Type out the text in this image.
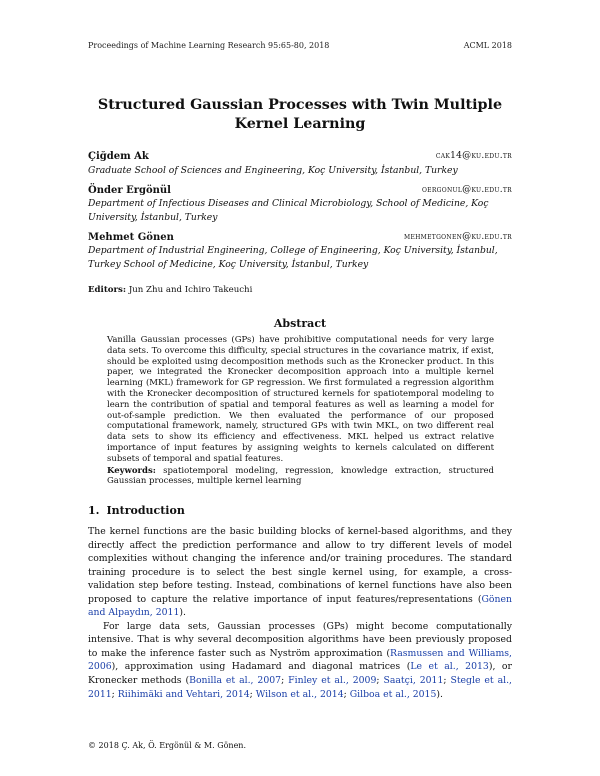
Proceedings of Machine Learning Research 95:65-80, 2018	ACML 2018
Structured Gaussian Processes with Twin Multiple Kernel Learning
Çiğdem Ak	cak14@ku.edu.tr
Graduate School of Sciences and Engineering, Koç University, İstanbul, Turkey
Önder Ergönül	oergonul@ku.edu.tr
Department of Infectious Diseases and Clinical Microbiology, School of Medicine, Koç University, İstanbul, Turkey
Mehmet Gönen	mehmetgonen@ku.edu.tr
Department of Industrial Engineering, College of Engineering, Koç University, İstanbul, Turkey School of Medicine, Koç University, İstanbul, Turkey
Editors: Jun Zhu and Ichiro Takeuchi
Abstract
Vanilla Gaussian processes (GPs) have prohibitive computational needs for very large data sets. To overcome this difficulty, special structures in the covariance matrix, if exist, should be exploited using decomposition methods such as the Kronecker product. In this paper, we integrated the Kronecker decomposition approach into a multiple kernel learning (MKL) framework for GP regression. We first formulated a regression algorithm with the Kronecker decomposition of structured kernels for spatiotemporal modeling to learn the contribution of spatial and temporal features as well as learning a model for out-of-sample prediction. We then evaluated the performance of our proposed computational framework, namely, structured GPs with twin MKL, on two different real data sets to show its efficiency and effectiveness. MKL helped us extract relative importance of input features by assigning weights to kernels calculated on different subsets of temporal and spatial features.
Keywords: spatiotemporal modeling, regression, knowledge extraction, structured Gaussian processes, multiple kernel learning
1. Introduction

The kernel functions are the basic building blocks of kernel-based algorithms, and they directly affect the prediction performance and allow to try different levels of model complexities without changing the inference and/or training procedures. The standard training procedure is to select the best single kernel using, for example, a cross-validation step before testing. Instead, combinations of kernel functions have also been proposed to capture the relative importance of input features/representations (Gönen and Alpaydın, 2011).

For large data sets, Gaussian processes (GPs) might become computationally intensive. That is why several decomposition algorithms have been previously proposed to make the inference faster such as Nyström approximation (Rasmussen and Williams, 2006), approximation using Hadamard and diagonal matrices (Le et al., 2013), or Kronecker methods (Bonilla et al., 2007; Finley et al., 2009; Saatçi, 2011; Stegle et al., 2011; Riihimäki and Vehtari, 2014; Wilson et al., 2014; Gilboa et al., 2015).

© 2018 Ç. Ak, Ö. Ergönül & M. Gönen.
